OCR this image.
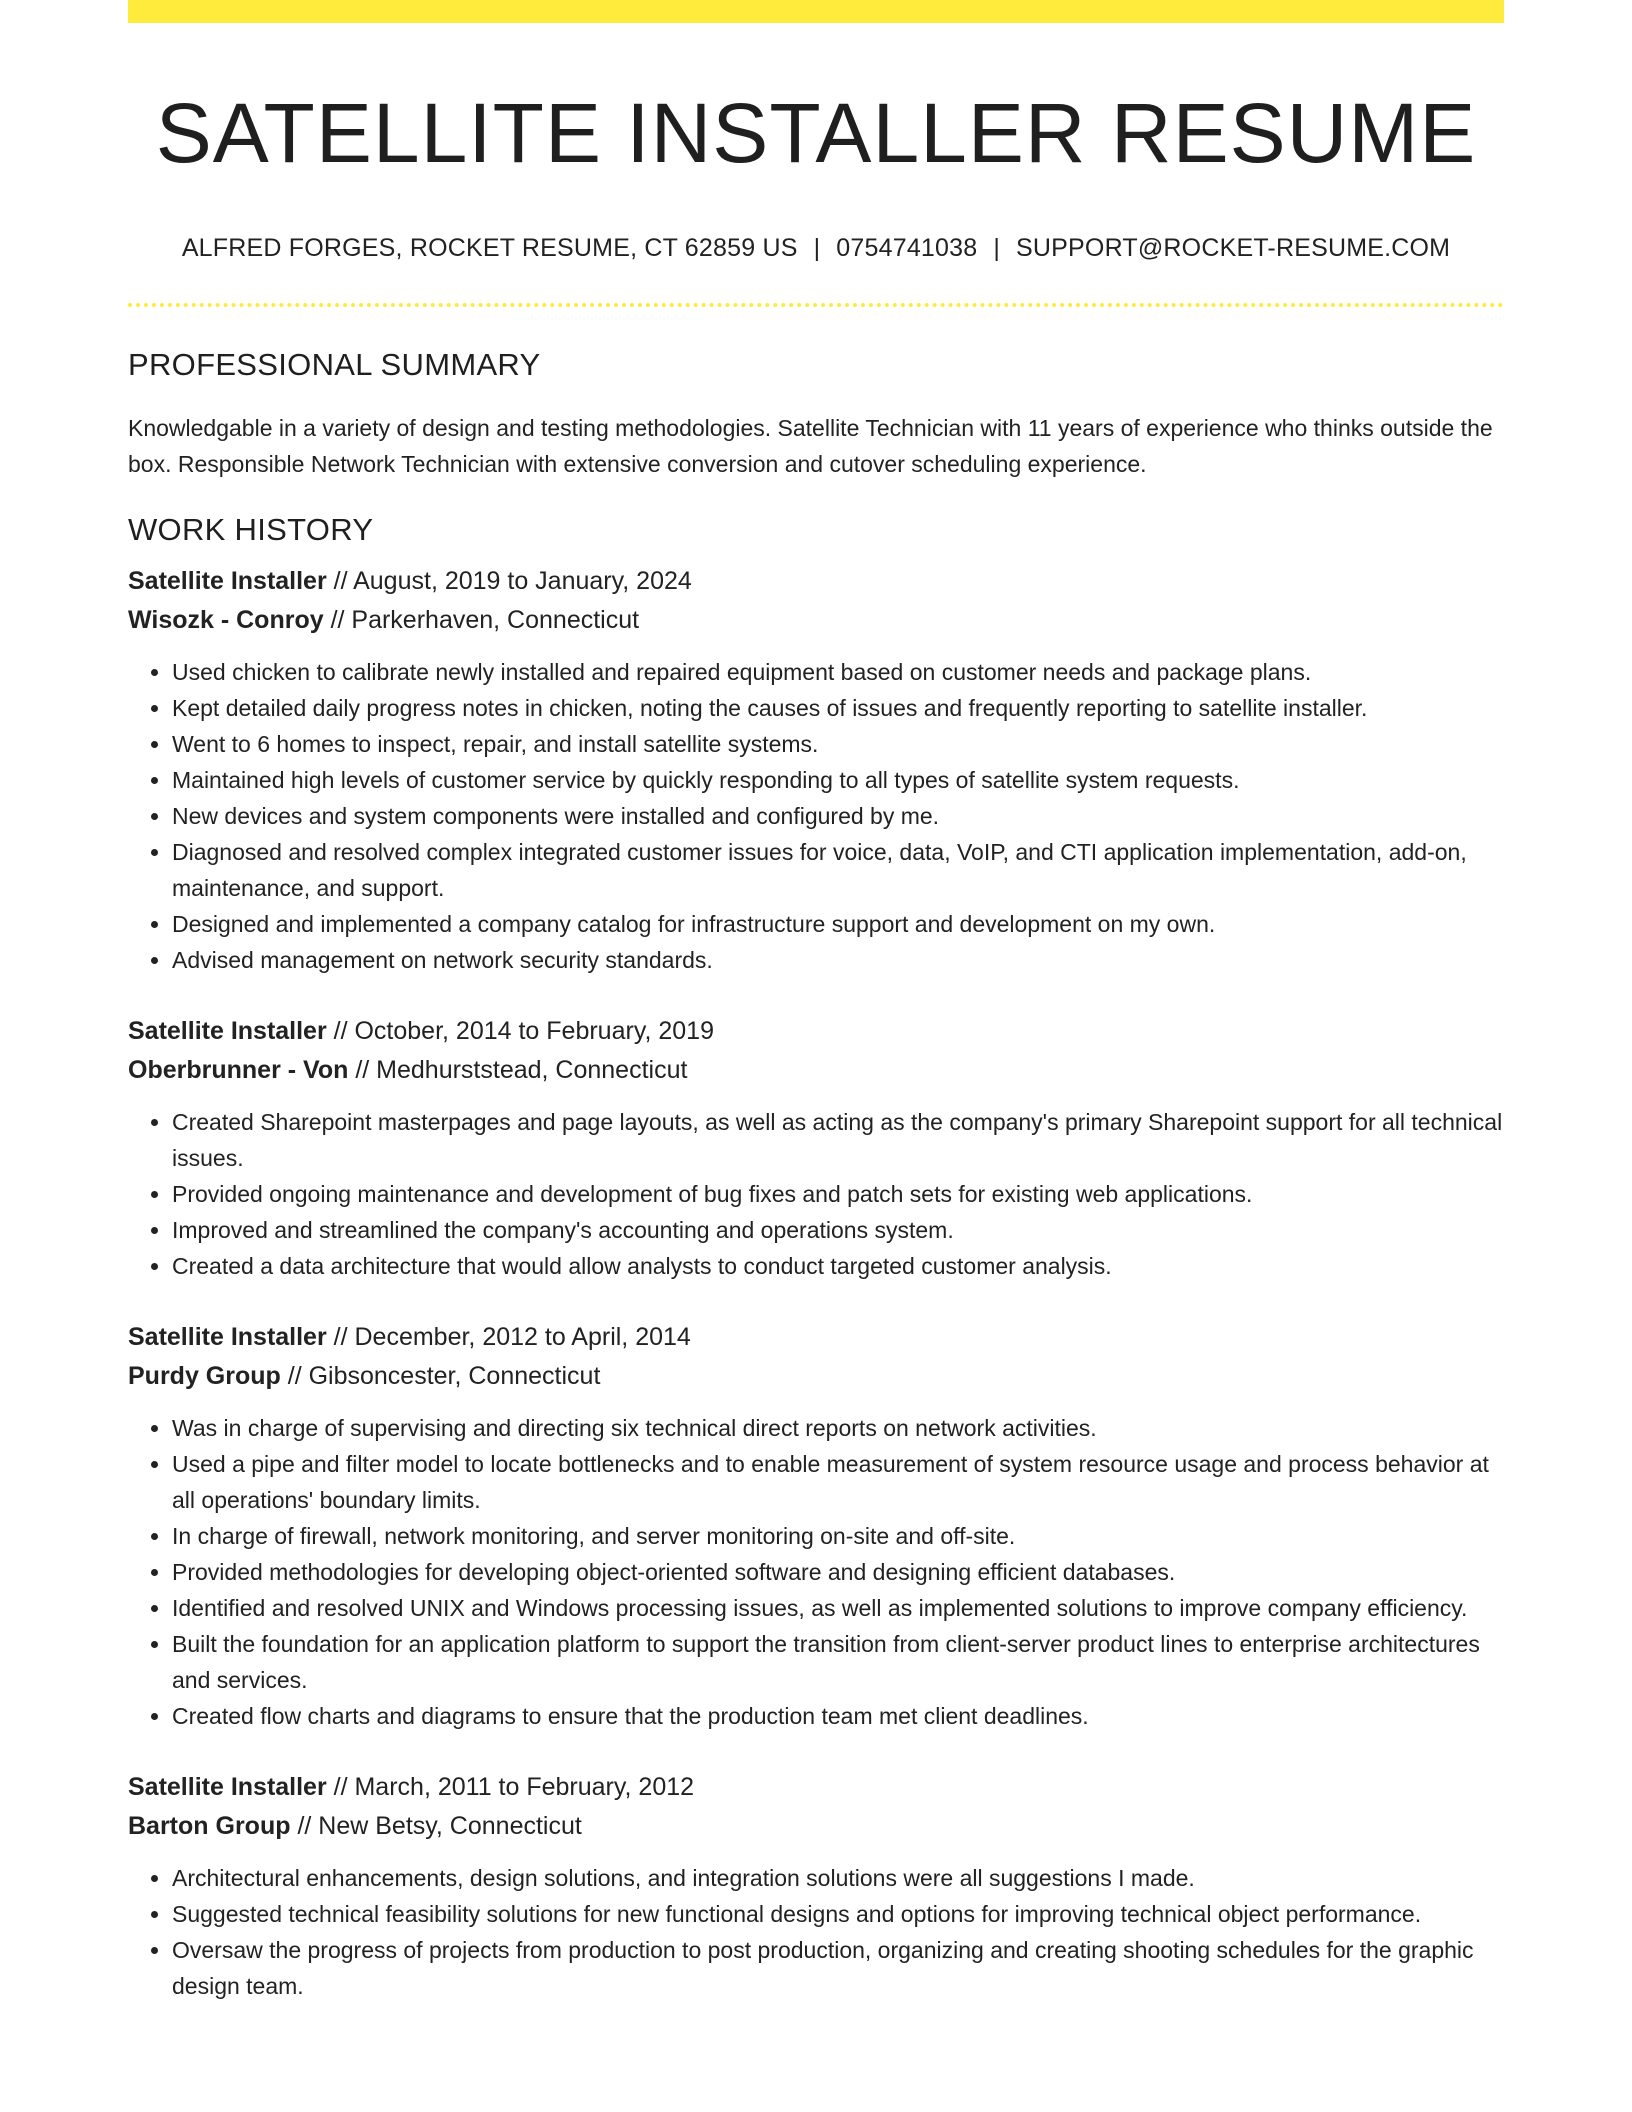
SATELLITE INSTALLER RESUME
ALFRED FORGES, ROCKET RESUME, CT 62859 US | 0754741038 | SUPPORT@ROCKET-RESUME.COM
PROFESSIONAL SUMMARY

Knowledgable in a variety of design and testing methodologies. Satellite Technician with 11 years of experience who thinks outside the box. Responsible Network Technician with extensive conversion and cutover scheduling experience.

WORK HISTORY
Satellite Installer // August, 2019 to January, 2024
Wisozk - Conroy // Parkerhaven, Connecticut
• Used chicken to calibrate newly installed and repaired equipment based on customer needs and package plans.
• Kept detailed daily progress notes in chicken, noting the causes of issues and frequently reporting to satellite installer.
• Went to 6 homes to inspect, repair, and install satellite systems.
• Maintained high levels of customer service by quickly responding to all types of satellite system requests.
• New devices and system components were installed and configured by me.
• Diagnosed and resolved complex integrated customer issues for voice, data, VoIP, and CTI application implementation, add-on, maintenance, and support.
• Designed and implemented a company catalog for infrastructure support and development on my own.
• Advised management on network security standards.
Satellite Installer // October, 2014 to February, 2019
Oberbrunner - Von // Medhurststead, Connecticut
• Created Sharepoint masterpages and page layouts, as well as acting as the company's primary Sharepoint support for all technical issues.
• Provided ongoing maintenance and development of bug fixes and patch sets for existing web applications.
• Improved and streamlined the company's accounting and operations system.
• Created a data architecture that would allow analysts to conduct targeted customer analysis.
Satellite Installer // December, 2012 to April, 2014
Purdy Group // Gibsoncester, Connecticut
• Was in charge of supervising and directing six technical direct reports on network activities.
• Used a pipe and filter model to locate bottlenecks and to enable measurement of system resource usage and process behavior at all operations' boundary limits.
• In charge of firewall, network monitoring, and server monitoring on-site and off-site.
• Provided methodologies for developing object-oriented software and designing efficient databases.
• Identified and resolved UNIX and Windows processing issues, as well as implemented solutions to improve company efficiency.
• Built the foundation for an application platform to support the transition from client-server product lines to enterprise architectures and services.
• Created flow charts and diagrams to ensure that the production team met client deadlines.
Satellite Installer // March, 2011 to February, 2012
Barton Group // New Betsy, Connecticut
• Architectural enhancements, design solutions, and integration solutions were all suggestions I made.
• Suggested technical feasibility solutions for new functional designs and options for improving technical object performance.
• Oversaw the progress of projects from production to post production, organizing and creating shooting schedules for the graphic design team.
